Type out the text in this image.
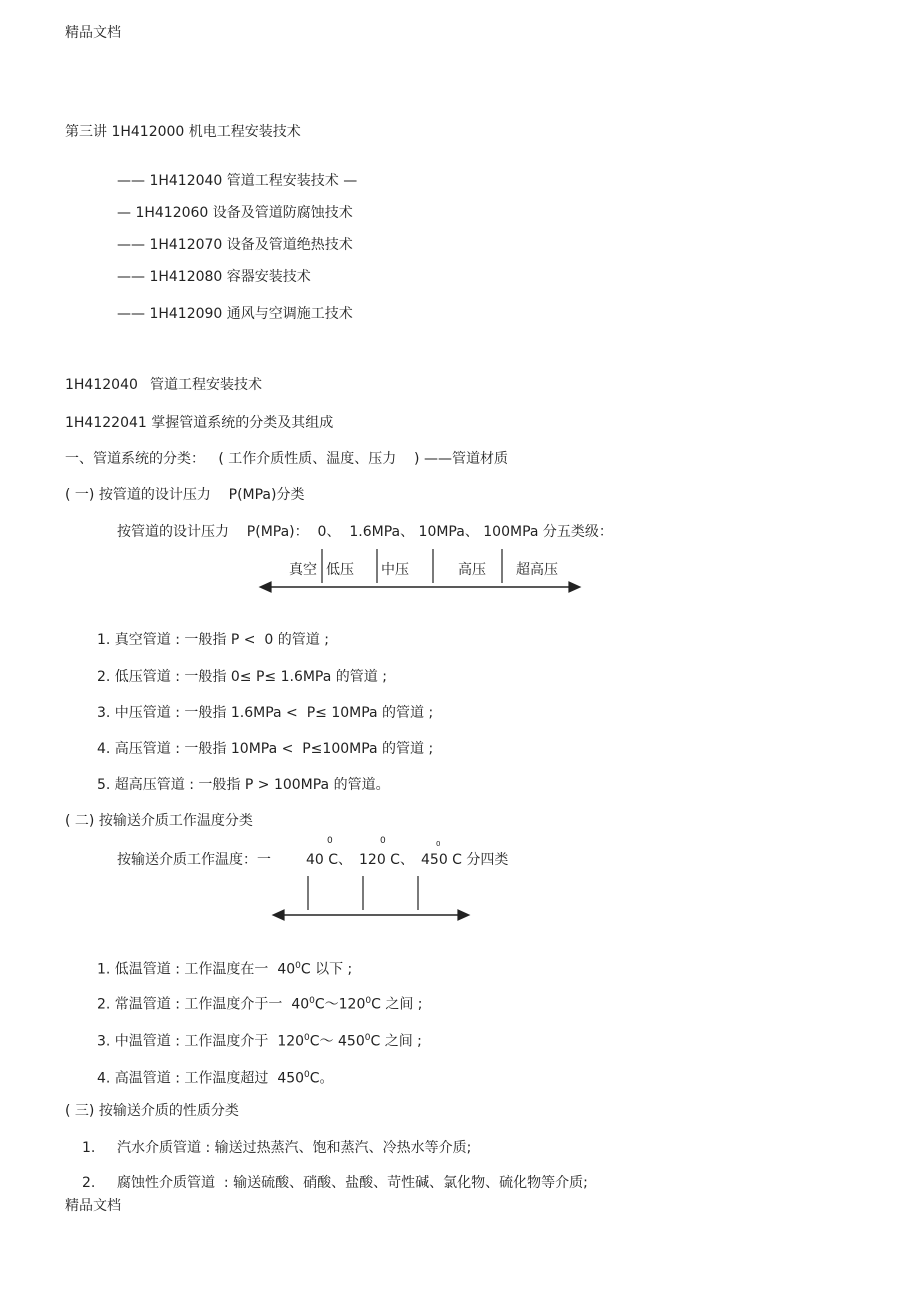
精品文档
精品文档
第三讲 1H412000 机电工程安装技术
—— 1H412040 管道工程安装技术 —
— 1H412060 设备及管道防腐蚀技术
—— 1H412070 设备及管道绝热技术
—— 1H412080 容器安装技术
—— 1H412090 通风与空调施工技术
1H412040 管道工程安装技术
1H4122041 掌握管道系统的分类及其组成
一、管道系统的分类：   ( 工作介质性质、温度、压力    ) ——管道材质
( 一) 按管道的设计压力    P(MPa)分类
按管道的设计压力    P(MPa)：  0、  1.6MPa、 10MPa、 100MPa 分五类级：
真空 低压 中压	高压 超高压
1. 真空管道 : 一般指 P <  0 的管道 ;
2. 低压管道 : 一般指 0≤ P≤ 1.6MPa 的管道 ;
3. 中压管道 : 一般指 1.6MPa <  P≤ 10MPa 的管道 ;
4. 高压管道 : 一般指 10MPa <  P≤100MPa 的管道 ;
5. 超高压管道 : 一般指 P > 100MPa 的管道。
( 二) 按输送介质工作温度分类
0	0	0
按输送介质工作温度：一	40 C、 120 C、 450 C 分四类
1. 低温管道 : 工作温度在一  $40^0C$ 以下 ;
2. 常温管道 : 工作温度介于一  $40^0C\sim 120^0C$ 之间 ;
3. 中温管道 : 工作温度介于  $120^0C\sim$ $450^0C$ 之间 ;
4. 高温管道 : 工作温度超过  $450^0C$。
( 三) 按输送介质的性质分类
1. 汽水介质管道 : 输送过热蒸汽、饱和蒸汽、冷热水等介质;
2. 腐蚀性介质管道  : 输送硫酸、硝酸、盐酸、苛性碱、氯化物、硫化物等介质;
